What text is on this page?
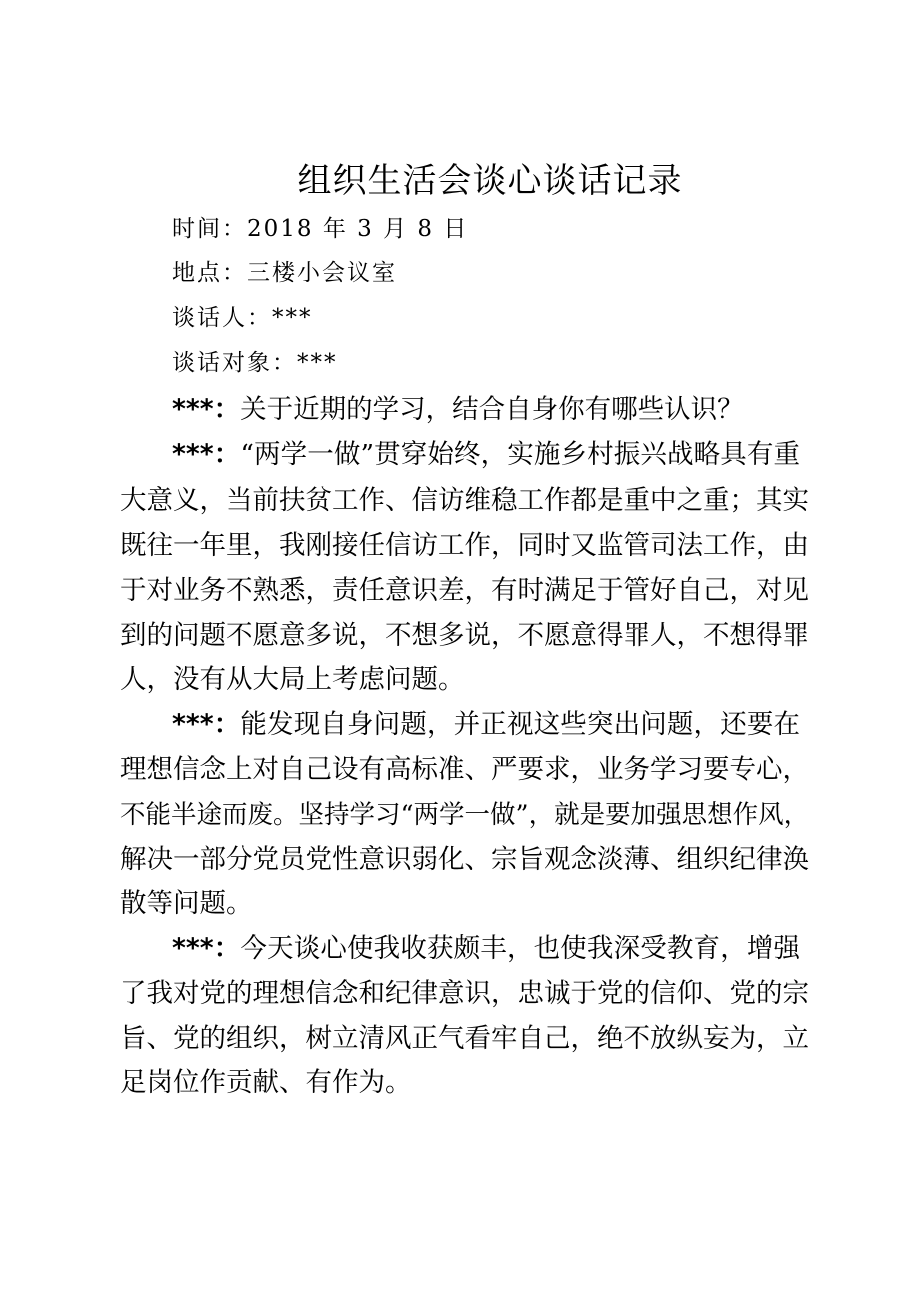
组织生活会谈心谈话记录
时间：2018 年 3 月 8 日
地点：三楼小会议室
谈话人：***
谈话对象：***
***：关于近期的学习，结合自身你有哪些认识？
***：“两学一做”贯穿始终，实施乡村振兴战略具有重
大意义，当前扶贫工作、信访维稳工作都是重中之重；其实
既往一年里，我刚接任信访工作，同时又监管司法工作，由
于对业务不熟悉，责任意识差，有时满足于管好自己，对见
到的问题不愿意多说，不想多说，不愿意得罪人，不想得罪
人，没有从大局上考虑问题。
***：能发现自身问题，并正视这些突出问题，还要在
理想信念上对自己设有高标准、严要求，业务学习要专心，
不能半途而废。坚持学习“两学一做”，就是要加强思想作风，
解决一部分党员党性意识弱化、宗旨观念淡薄、组织纪律涣
散等问题。
***：今天谈心使我收获颇丰，也使我深受教育，增强
了我对党的理想信念和纪律意识，忠诚于党的信仰、党的宗
旨、党的组织，树立清风正气看牢自己，绝不放纵妄为，立
足岗位作贡献、有作为。
